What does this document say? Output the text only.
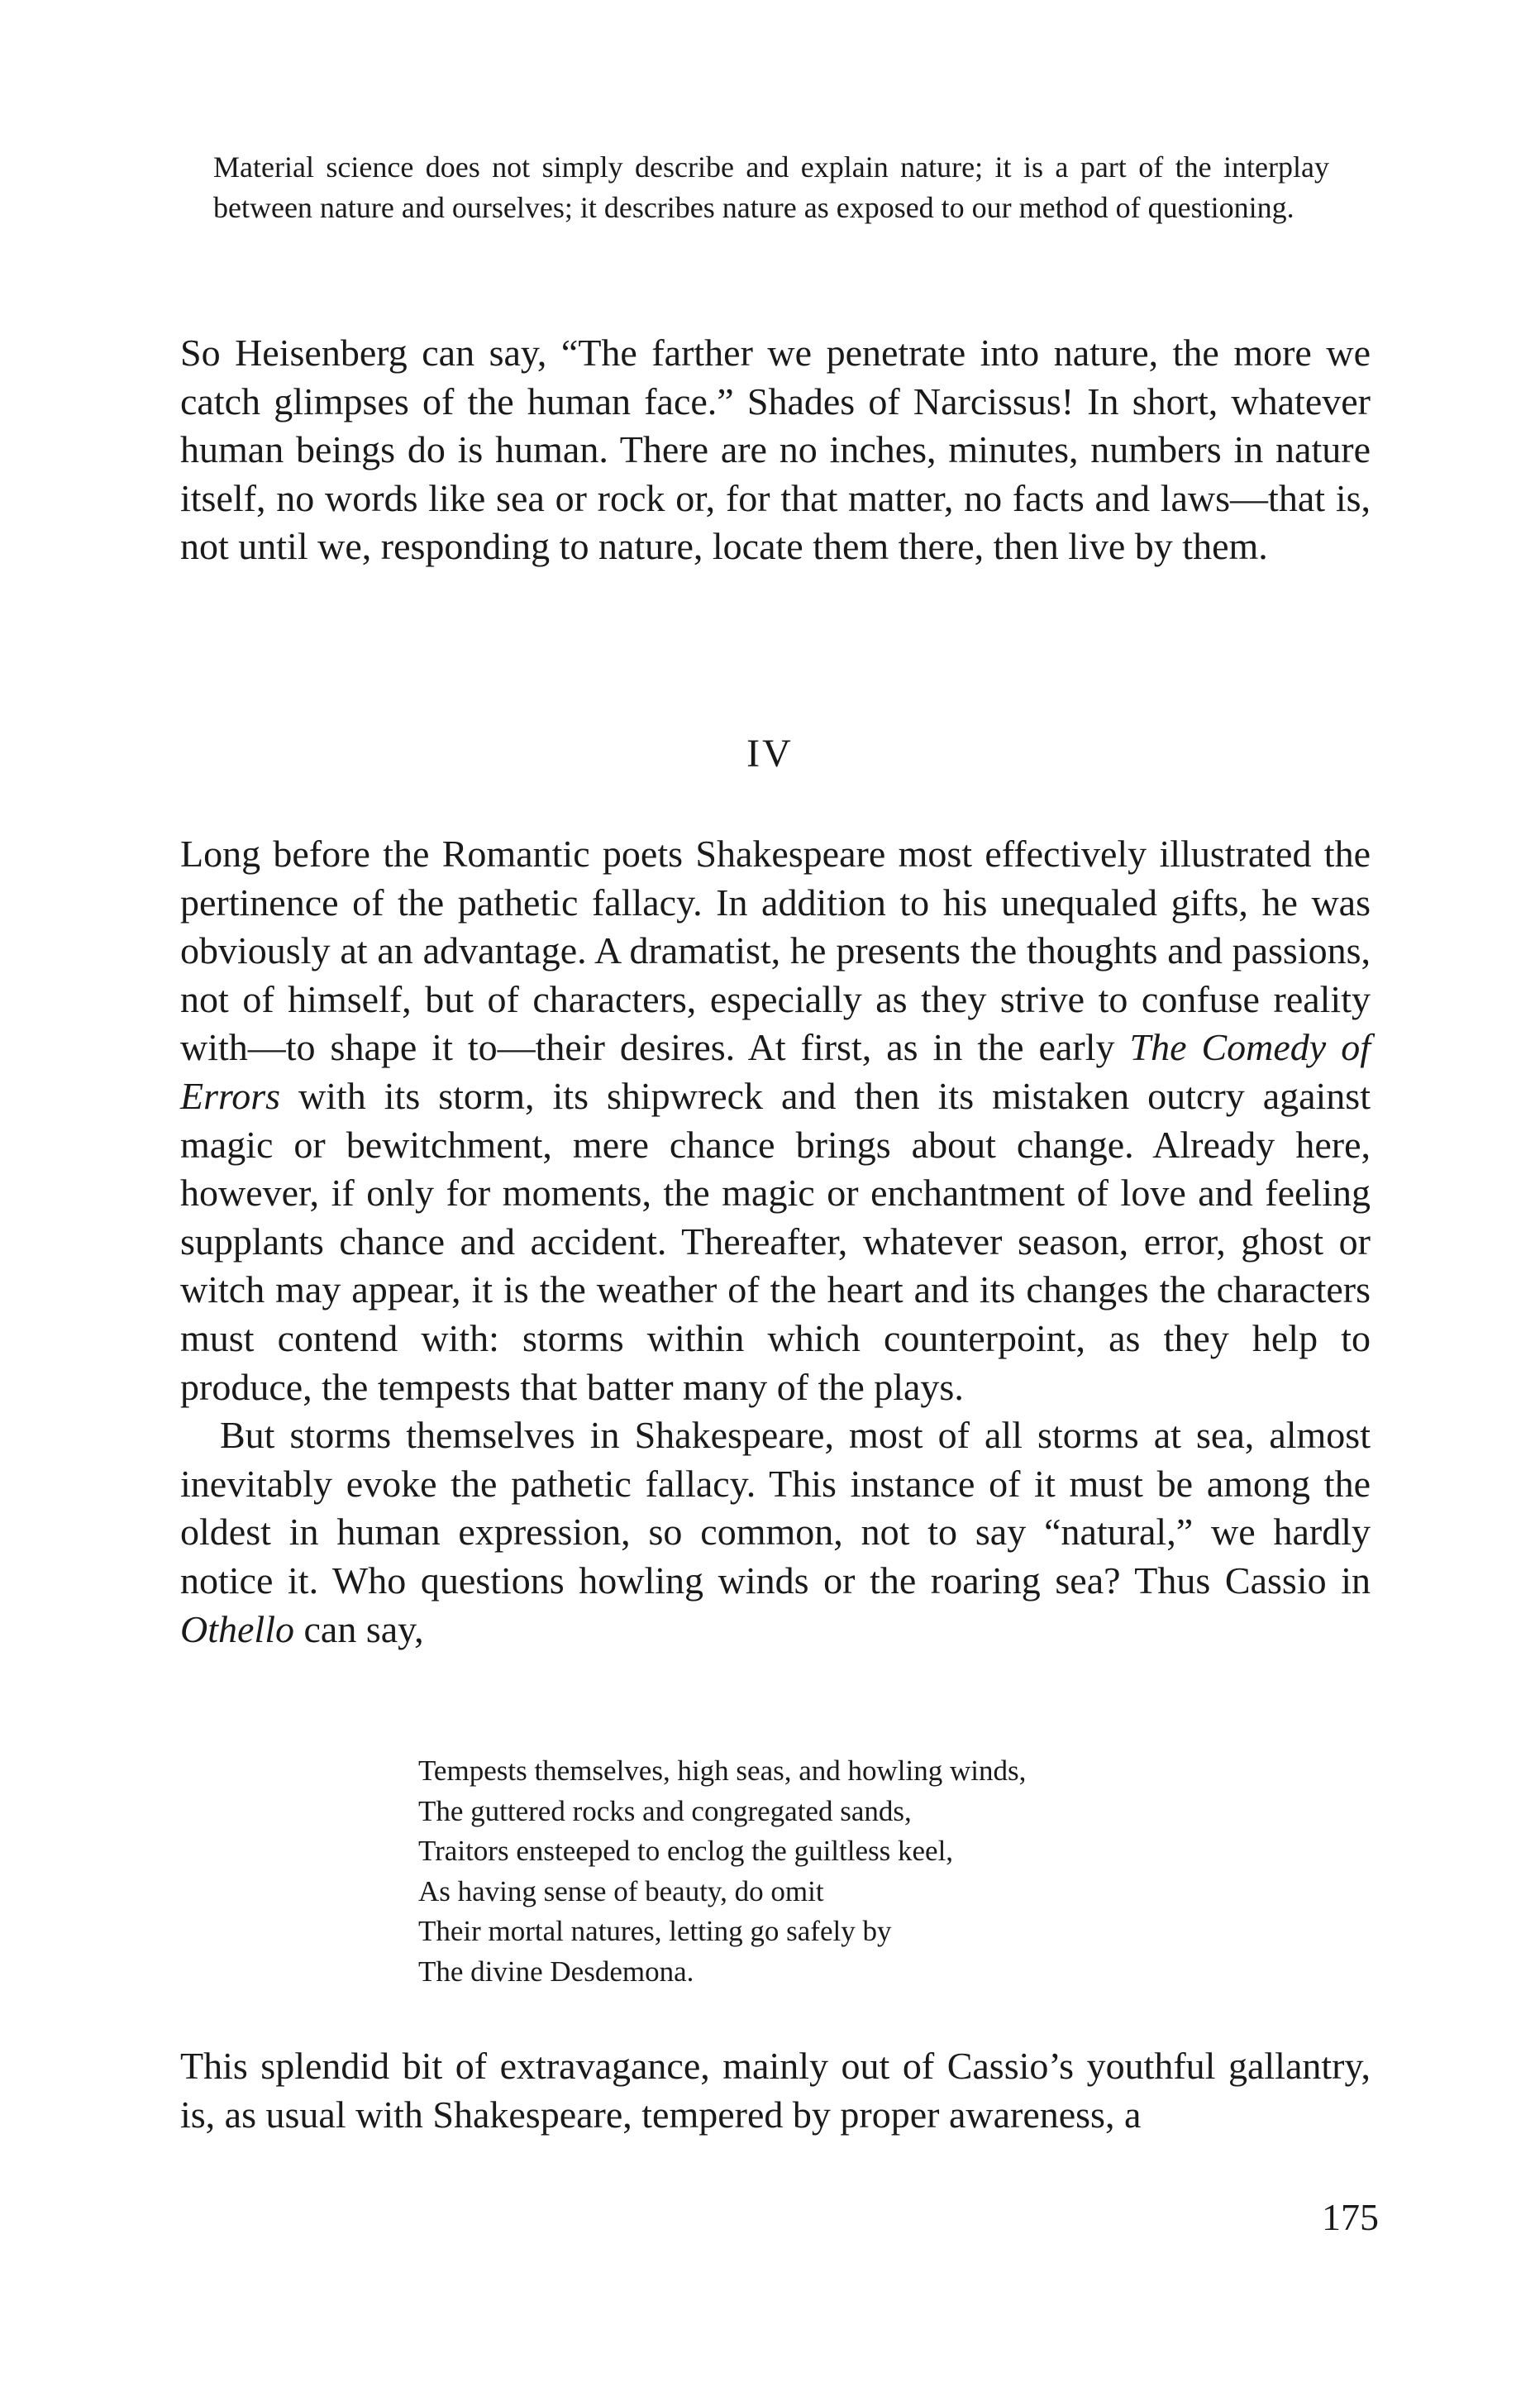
Material science does not simply describe and explain nature; it is a part of the interplay between nature and ourselves; it describes nature as exposed to our method of questioning.

So Heisenberg can say, “The farther we penetrate into nature, the more we catch glimpses of the human face.” Shades of Narcissus! In short, whatever human beings do is human. There are no inches, minutes, numbers in nature itself, no words like sea or rock or, for that matter, no facts and laws—that is, not until we, responding to nature, locate them there, then live by them.

IV

Long before the Romantic poets Shakespeare most effectively illustrated the pertinence of the pathetic fallacy. In addition to his unequaled gifts, he was obviously at an advantage. A dramatist, he presents the thoughts and passions, not of himself, but of characters, especially as they strive to confuse reality with—to shape it to—their desires. At first, as in the early The Comedy of Errors with its storm, its shipwreck and then its mistaken outcry against magic or bewitchment, mere chance brings about change. Already here, however, if only for moments, the magic or enchantment of love and feeling supplants chance and accident. Thereafter, whatever season, error, ghost or witch may appear, it is the weather of the heart and its changes the characters must contend with: storms within which counterpoint, as they help to produce, the tempests that batter many of the plays.

But storms themselves in Shakespeare, most of all storms at sea, almost inevitably evoke the pathetic fallacy. This instance of it must be among the oldest in human expression, so common, not to say “natural,” we hardly notice it. Who questions howling winds or the roaring sea? Thus Cassio in Othello can say,

Tempests themselves, high seas, and howling winds,
The guttered rocks and congregated sands,
Traitors ensteeped to enclog the guiltless keel,
As having sense of beauty, do omit
Their mortal natures, letting go safely by
The divine Desdemona.

This splendid bit of extravagance, mainly out of Cassio’s youthful gallantry, is, as usual with Shakespeare, tempered by proper awareness, a

175
